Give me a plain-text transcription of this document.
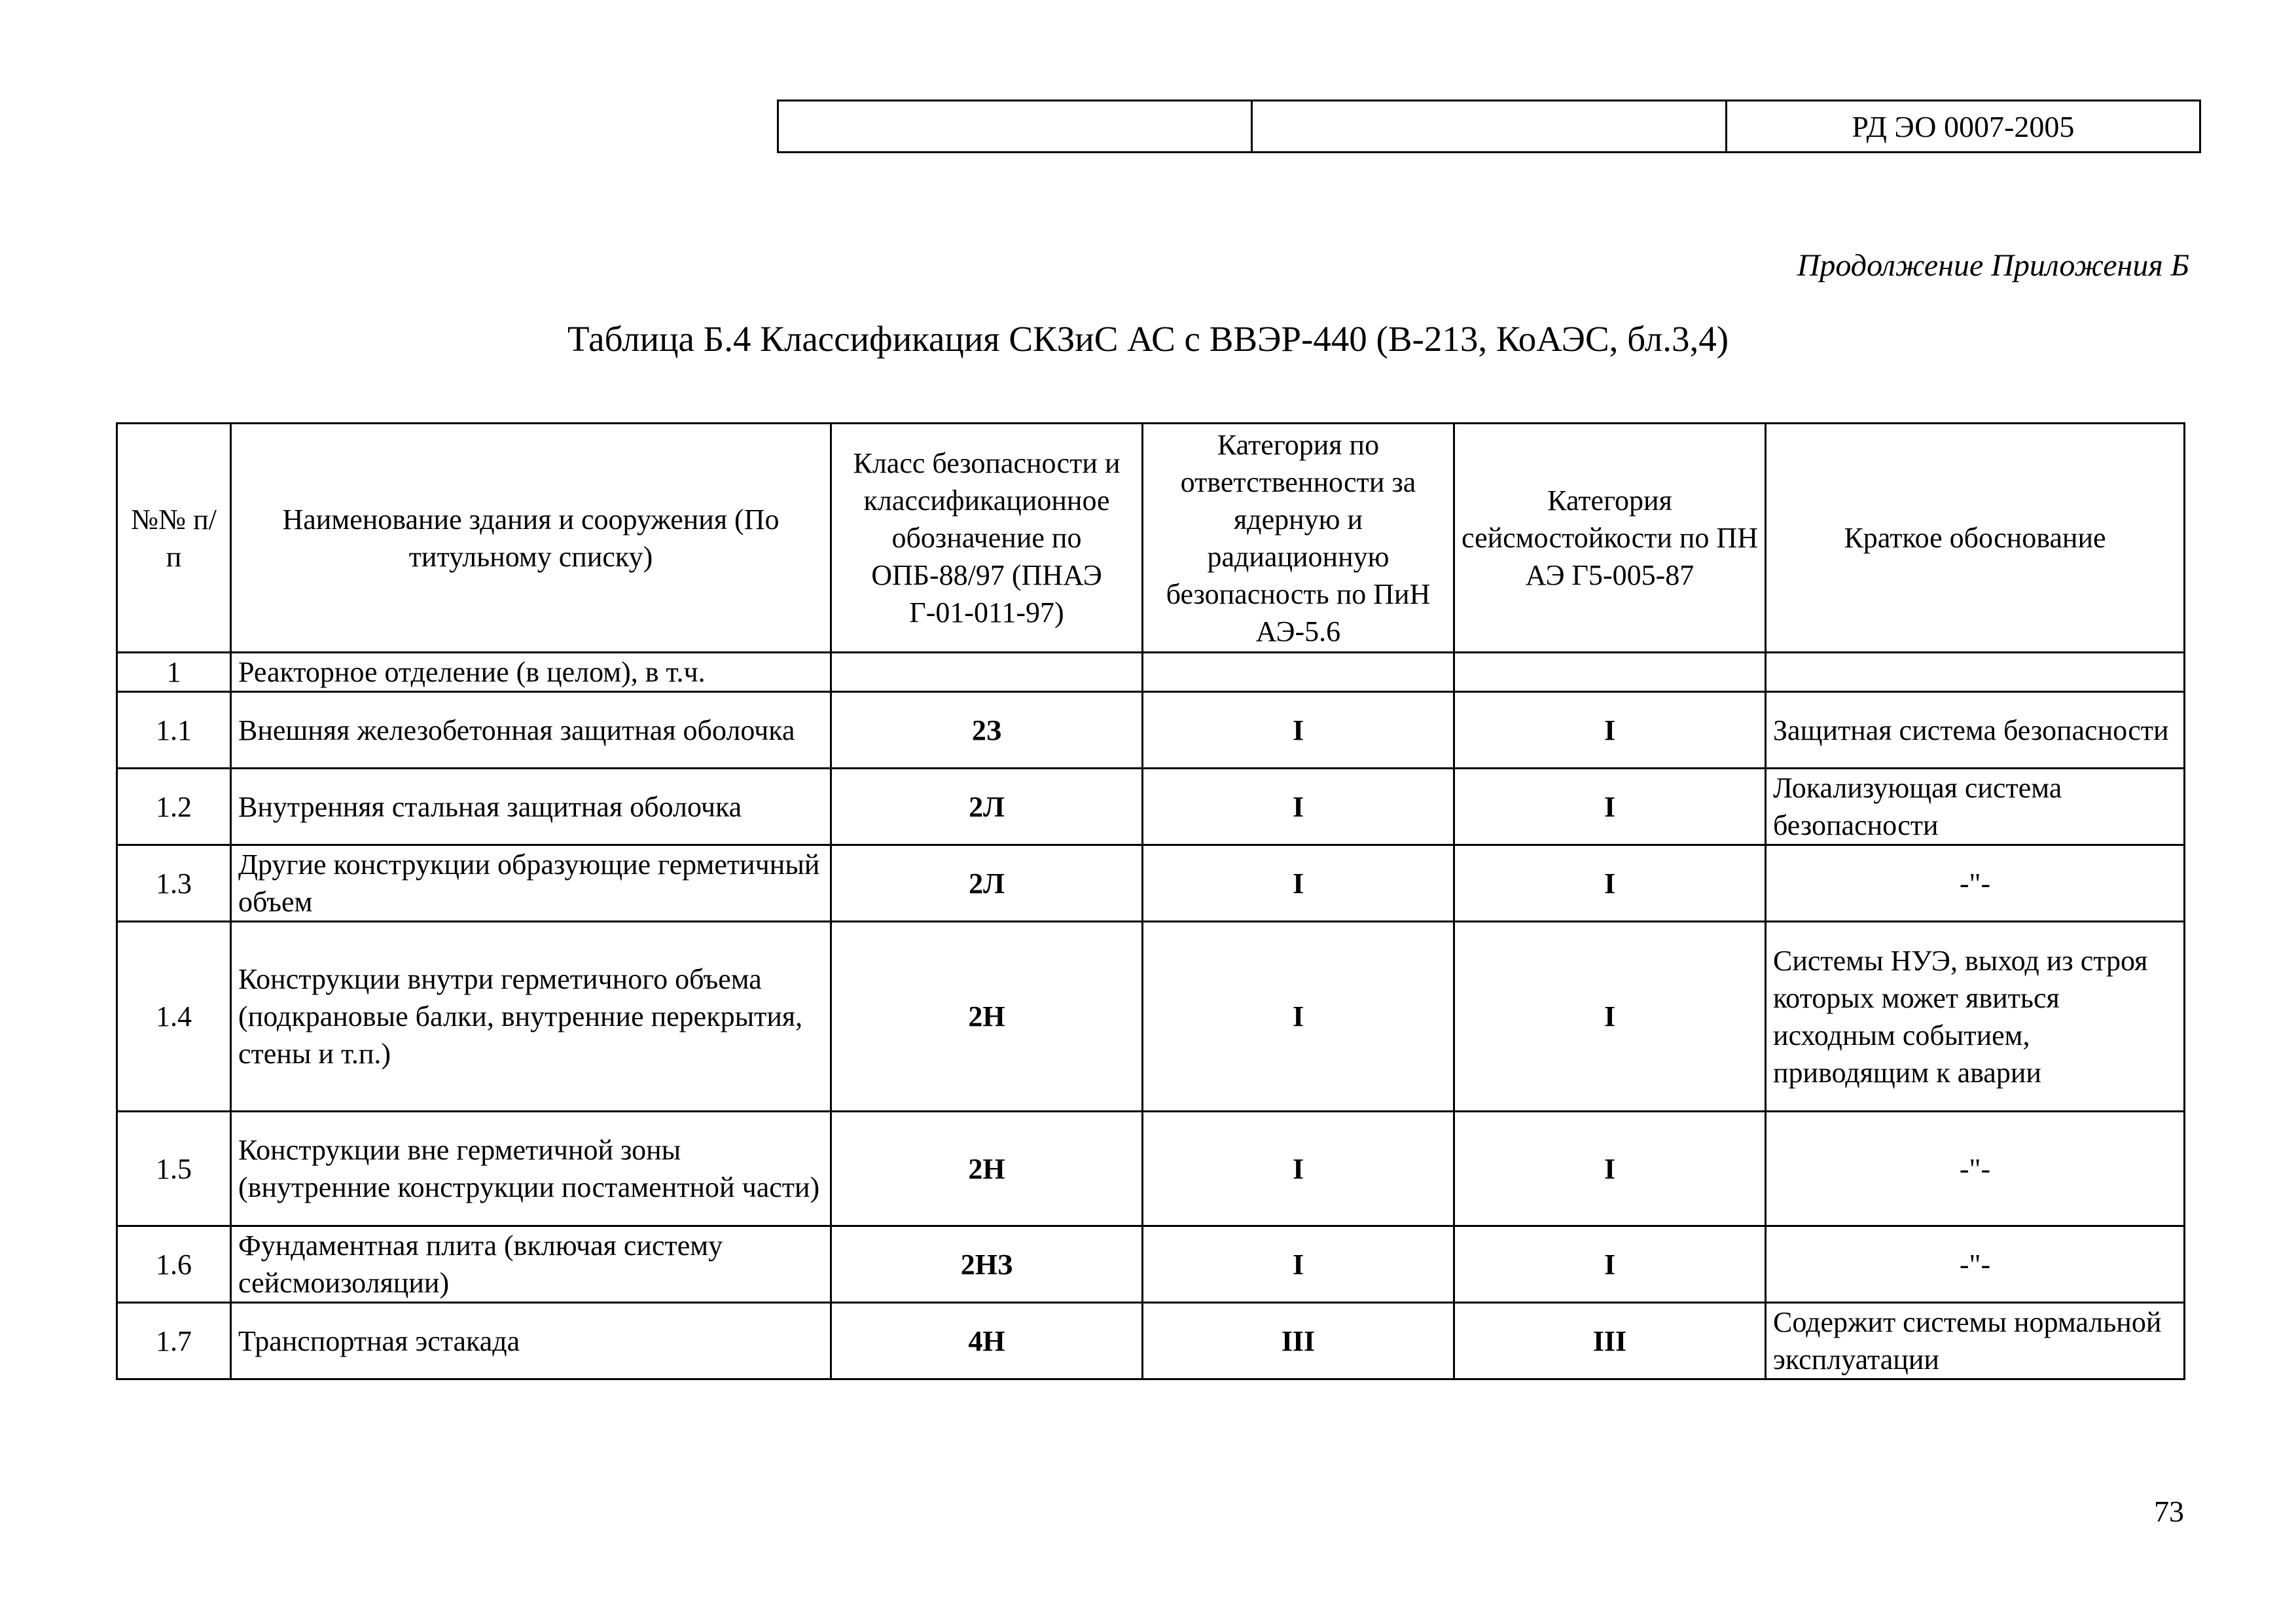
		РД ЭО 0007-2005
Продолжение Приложения Б
Таблица Б.4 Классификация СКЗиС АС с ВВЭР-440 (В-213, КоАЭС, бл.3,4)
№№ п/п	Наименование здания и сооружения (По титульному списку)	Класс безопасности и классификационное обозначение по ОПБ-88/97 (ПНАЭ Г-01-011-97)	Категория по ответственности за ядерную и радиационную безопасность по ПиН АЭ-5.6	Категория сейсмостойкости по ПН АЭ Г5-005-87	Краткое обоснование
1	Реакторное отделение (в целом), в т.ч.				
1.1	Внешняя железобетонная защитная оболочка	2З	I	I	Защитная система безопасности
1.2	Внутренняя стальная защитная оболочка	2Л	I	I	Локализующая система безопасности
1.3	Другие конструкции образующие герметичный объем	2Л	I	I	-"-
1.4	Конструкции внутри герметичного объема (подкрановые балки, внутренние перекрытия, стены и т.п.)	2Н	I	I	Системы НУЭ, выход из строя которых может явиться исходным событием, приводящим к аварии
1.5	Конструкции вне герметичной зоны (внутренние конструкции постаментной части)	2Н	I	I	-"-
1.6	Фундаментная плита (включая систему сейсмоизоляции)	2НЗ	I	I	-"-
1.7	Транспортная эстакада	4Н	III	III	Содержит системы нормальной эксплуатации
73
